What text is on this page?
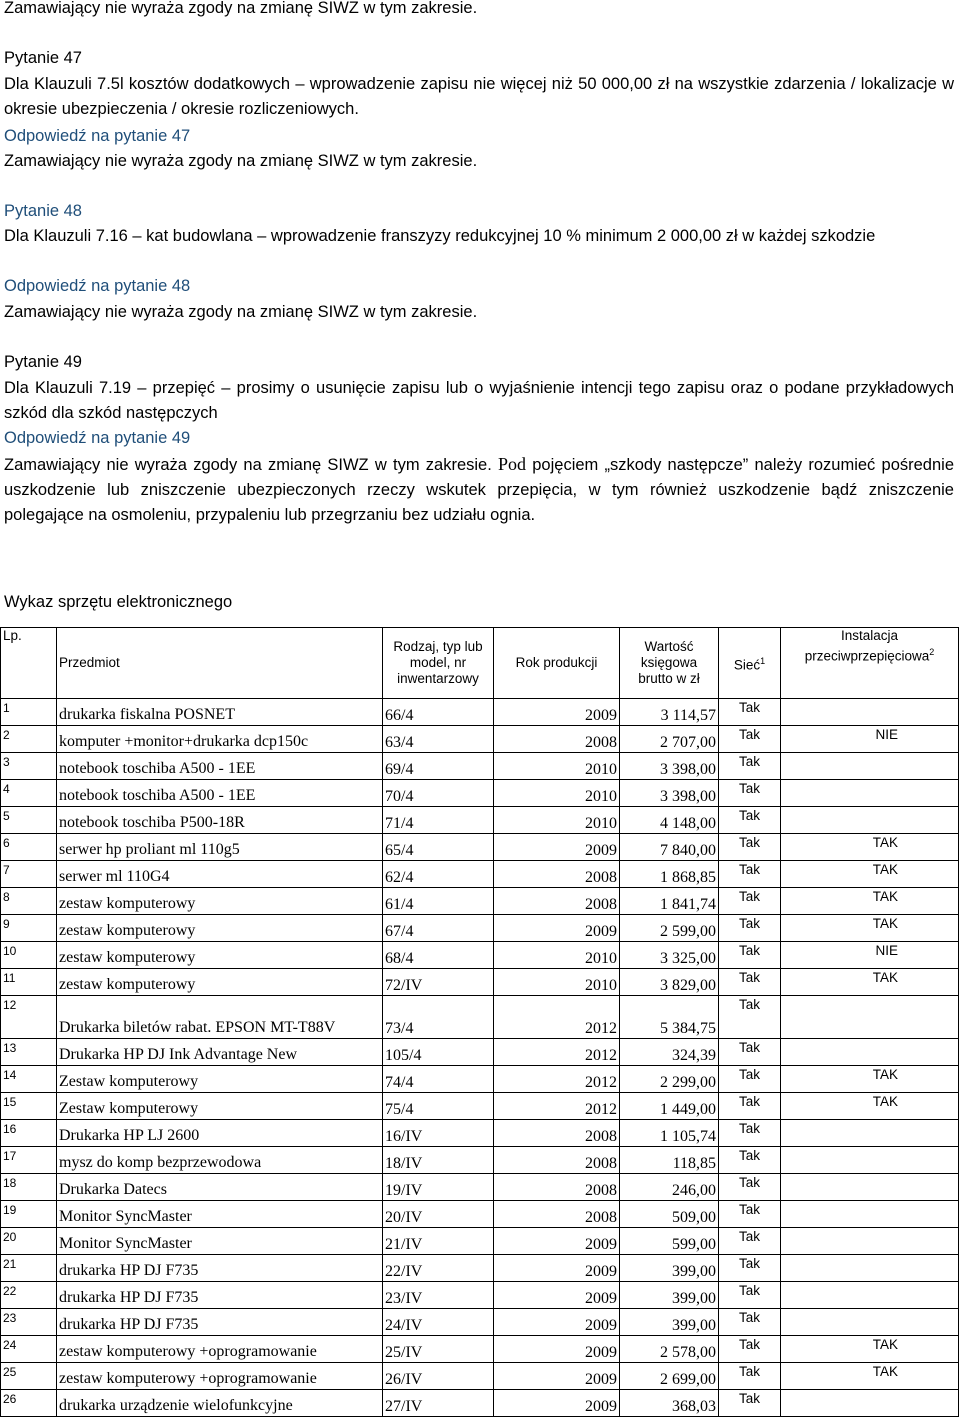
Zamawiający nie wyraża zgody na zmianę SIWZ w tym zakresie.
Pytanie 47
Dla Klauzuli 7.5l kosztów dodatkowych – wprowadzenie zapisu nie więcej niż 50 000,00 zł na wszystkie zdarzenia / lokalizacje w okresie ubezpieczenia / okresie rozliczeniowych.
Odpowiedź na pytanie 47
Zamawiający nie wyraża zgody na zmianę SIWZ w tym zakresie.
Pytanie 48
Dla Klauzuli 7.16 – kat budowlana – wprowadzenie franszyzy redukcyjnej 10 % minimum 2 000,00 zł w każdej szkodzie
Odpowiedź na pytanie 48
Zamawiający nie wyraża zgody na zmianę SIWZ w tym zakresie.
Pytanie 49
Dla Klauzuli 7.19 – przepięć – prosimy o usunięcie zapisu lub o wyjaśnienie intencji tego zapisu oraz o podane przykładowych szkód dla szkód następczych
Odpowiedź na pytanie 49
Zamawiający nie wyraża zgody na zmianę SIWZ w tym zakresie. Pod pojęciem „szkody następcze” należy rozumieć pośrednie uszkodzenie lub zniszczenie ubezpieczonych rzeczy wskutek przepięcia, w tym również uszkodzenie bądź zniszczenie polegające na osmoleniu, przypaleniu lub przegrzaniu bez udziału ognia.
Wykaz sprzętu elektronicznego
Lp.	Przedmiot	Rodzaj, typ lub model, nr inwentarzowy	Rok produkcji	Wartość księgowa brutto w zł	Sieć$^1$	Instalacja przeciwprzepięciowa$^2$
1	drukarka fiskalna POSNET	66/4	2009	3 114,57	Tak	
2	komputer +monitor+drukarka dcp150c	63/4	2008	2 707,00	Tak	NIE
3	notebook toschiba A500 - 1EE	69/4	2010	3 398,00	Tak	
4	notebook toschiba A500 - 1EE	70/4	2010	3 398,00	Tak	
5	notebook toschiba P500-18R	71/4	2010	4 148,00	Tak	
6	serwer hp proliant ml 110g5	65/4	2009	7 840,00	Tak	TAK
7	serwer ml 110G4	62/4	2008	1 868,85	Tak	TAK
8	zestaw komputerowy	61/4	2008	1 841,74	Tak	TAK
9	zestaw komputerowy	67/4	2009	2 599,00	Tak	TAK
10	zestaw komputerowy	68/4	2010	3 325,00	Tak	NIE
11	zestaw komputerowy	72/IV	2010	3 829,00	Tak	TAK
12	Drukarka biletów rabat. EPSON MT-T88V	73/4	2012	5 384,75	Tak	
13	Drukarka HP DJ Ink Advantage New	105/4	2012	324,39	Tak	
14	Zestaw komputerowy	74/4	2012	2 299,00	Tak	TAK
15	Zestaw komputerowy	75/4	2012	1 449,00	Tak	TAK
16	Drukarka HP LJ 2600	16/IV	2008	1 105,74	Tak	
17	mysz do komp bezprzewodowa	18/IV	2008	118,85	Tak	
18	Drukarka Datecs	19/IV	2008	246,00	Tak	
19	Monitor SyncMaster	20/IV	2008	509,00	Tak	
20	Monitor SyncMaster	21/IV	2009	599,00	Tak	
21	drukarka HP DJ F735	22/IV	2009	399,00	Tak	
22	drukarka HP DJ F735	23/IV	2009	399,00	Tak	
23	drukarka HP DJ F735	24/IV	2009	399,00	Tak	
24	zestaw komputerowy +oprogramowanie	25/IV	2009	2 578,00	Tak	TAK
25	zestaw komputerowy +oprogramowanie	26/IV	2009	2 699,00	Tak	TAK
26	drukarka urządzenie wielofunkcyjne	27/IV	2009	368,03	Tak	
